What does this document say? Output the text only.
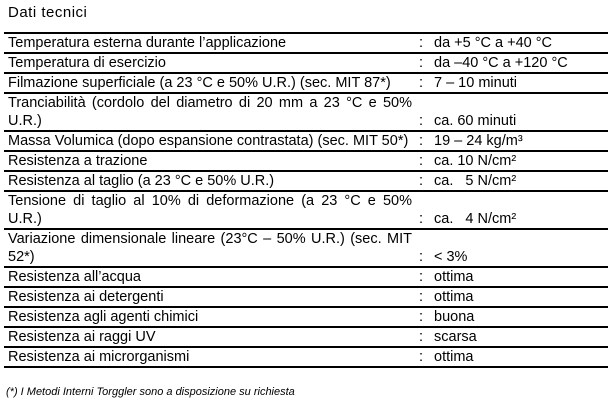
Dati tecnici
Temperatura esterna durante l’applicazione	:	da +5 °C a +40 °C
Temperatura di esercizio	:	da –40 °C a +120 °C
Filmazione superficiale (a 23 °C e 50% U.R.) (sec. MIT 87*)	:	7 – 10 minuti
Tranciabilità (cordolo del diametro di 20 mm a 23 °C e 50% U.R.)	:	ca. 60 minuti
Massa Volumica (dopo espansione contrastata) (sec. MIT 50*)	:	19 – 24 kg/m³
Resistenza a trazione	:	ca. 10 N/cm²
Resistenza al taglio (a 23 °C e 50% U.R.)	:	ca.   5 N/cm²
Tensione di taglio al 10% di deformazione (a 23 °C e 50% U.R.)	:	ca.   4 N/cm²
Variazione dimensionale lineare (23°C – 50% U.R.) (sec. MIT 52*)	:	< 3%
Resistenza all’acqua	:	ottima
Resistenza ai detergenti	:	ottima
Resistenza agli agenti chimici	:	buona
Resistenza ai raggi UV	:	scarsa
Resistenza ai microrganismi	:	ottima
(*) I Metodi Interni Torggler sono a disposizione su richiesta
